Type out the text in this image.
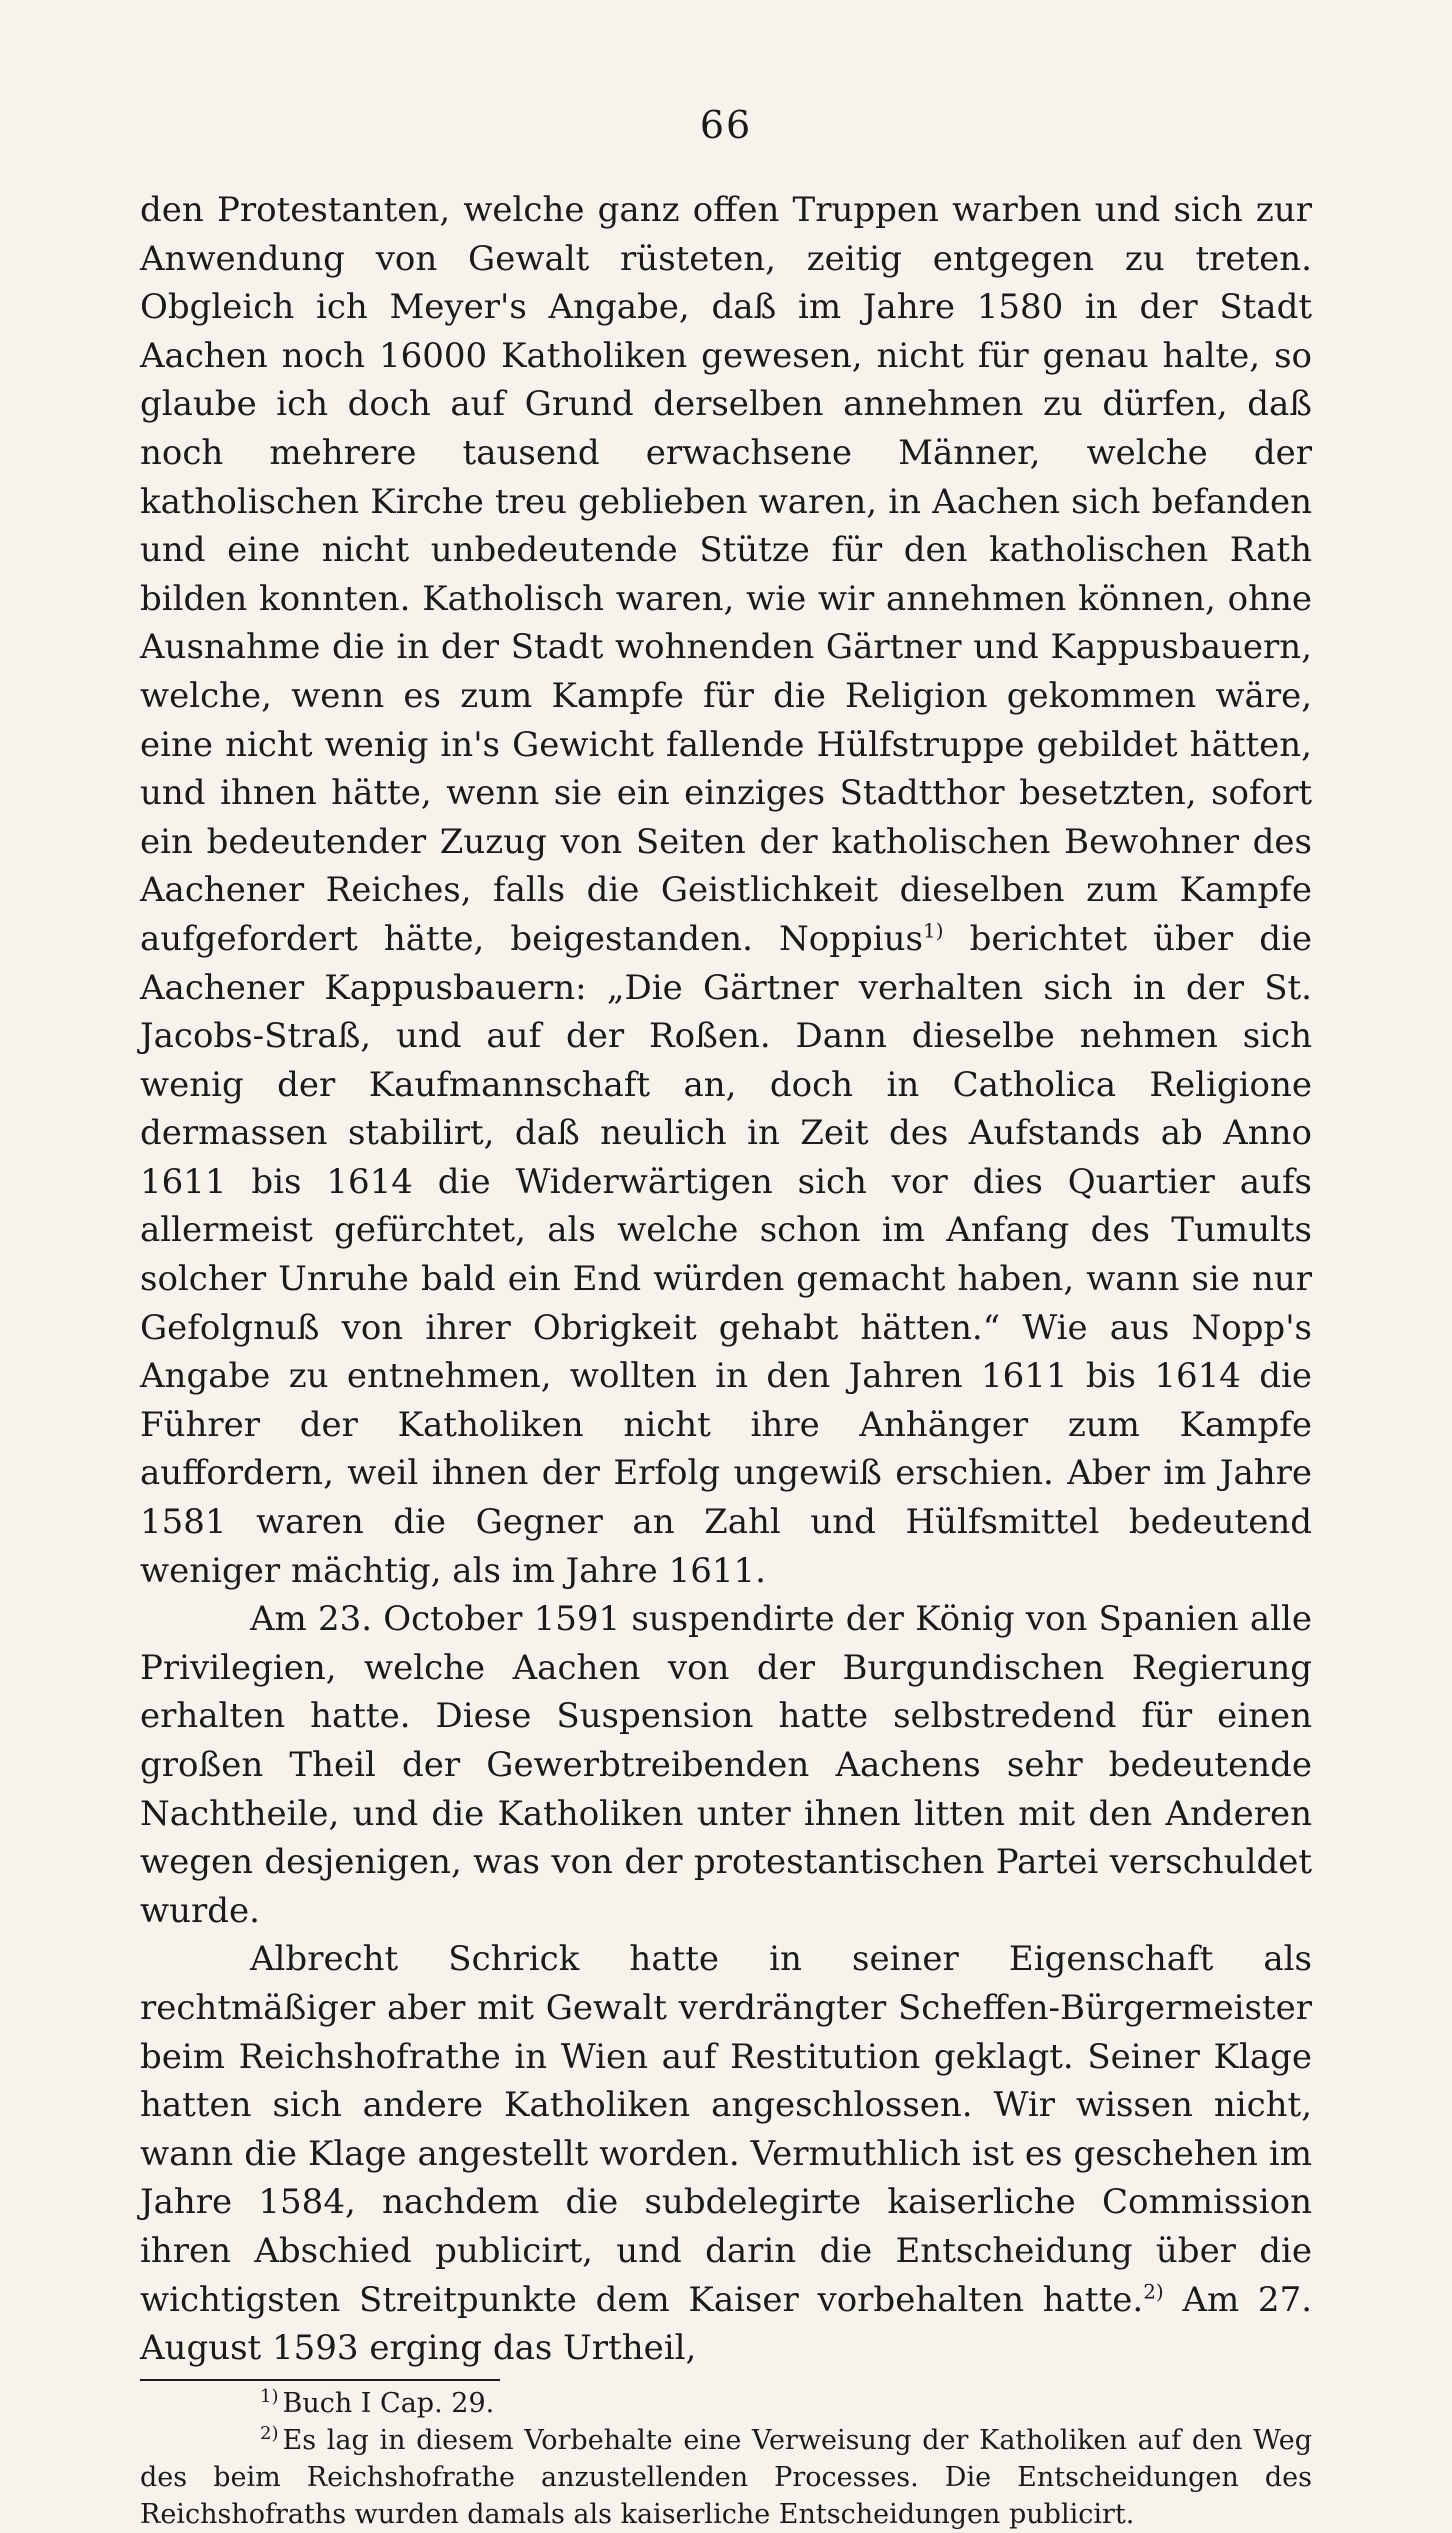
66

den Protestanten, welche ganz offen Truppen warben und sich zur Anwendung von Gewalt rüsteten, zeitig entgegen zu treten. Obgleich ich Meyer's Angabe, daß im Jahre 1580 in der Stadt Aachen noch 16000 Katholiken gewesen, nicht für genau halte, so glaube ich doch auf Grund derselben annehmen zu dürfen, daß noch mehrere tausend erwachsene Männer, welche der katholischen Kirche treu geblieben waren, in Aachen sich befanden und eine nicht unbedeutende Stütze für den katholischen Rath bilden konnten. Katholisch waren, wie wir annehmen können, ohne Ausnahme die in der Stadt wohnenden Gärtner und Kappusbauern, welche, wenn es zum Kampfe für die Religion gekommen wäre, eine nicht wenig in's Gewicht fallende Hülfstruppe gebildet hätten, und ihnen hätte, wenn sie ein einziges Stadtthor besetzten, sofort ein bedeutender Zuzug von Seiten der katholischen Bewohner des Aachener Reiches, falls die Geistlichkeit dieselben zum Kampfe aufgefordert hätte, beigestanden. Noppius$^{1)}$ berichtet über die Aachener Kappusbauern: „Die Gärtner verhalten sich in der St. Jacobs-Straß, und auf der Roßen. Dann dieselbe nehmen sich wenig der Kaufmannschaft an, doch in Catholica Religione dermassen stabilirt, daß neulich in Zeit des Aufstands ab Anno 1611 bis 1614 die Widerwärtigen sich vor dies Quartier aufs allermeist gefürchtet, als welche schon im Anfang des Tumults solcher Unruhe bald ein End würden gemacht haben, wann sie nur Gefolgnuß von ihrer Obrigkeit gehabt hätten.“ Wie aus Nopp's Angabe zu entnehmen, wollten in den Jahren 1611 bis 1614 die Führer der Katholiken nicht ihre Anhänger zum Kampfe auffordern, weil ihnen der Erfolg ungewiß erschien. Aber im Jahre 1581 waren die Gegner an Zahl und Hülfsmittel bedeutend weniger mächtig, als im Jahre 1611.

Am 23. October 1591 suspendirte der König von Spanien alle Privilegien, welche Aachen von der Burgundischen Regierung erhalten hatte. Diese Suspension hatte selbstredend für einen großen Theil der Gewerbtreibenden Aachens sehr bedeutende Nachtheile, und die Katholiken unter ihnen litten mit den Anderen wegen desjenigen, was von der protestantischen Partei verschuldet wurde.

Albrecht Schrick hatte in seiner Eigenschaft als rechtmäßiger aber mit Gewalt verdrängter Scheffen-Bürgermeister beim Reichshofrathe in Wien auf Restitution geklagt. Seiner Klage hatten sich andere Katholiken angeschlossen. Wir wissen nicht, wann die Klage angestellt worden. Vermuthlich ist es geschehen im Jahre 1584, nachdem die subdelegirte kaiserliche Commission ihren Abschied publicirt, und darin die Entscheidung über die wichtigsten Streitpunkte dem Kaiser vorbehalten hatte.$^{2)}$ Am 27. August 1593 erging das Urtheil,

$^{1)}$ Buch I Cap. 29.

$^{2)}$ Es lag in diesem Vorbehalte eine Verweisung der Katholiken auf den Weg des beim Reichshofrathe anzustellenden Processes. Die Entscheidungen des Reichshofraths wurden damals als kaiserliche Entscheidungen publicirt.
